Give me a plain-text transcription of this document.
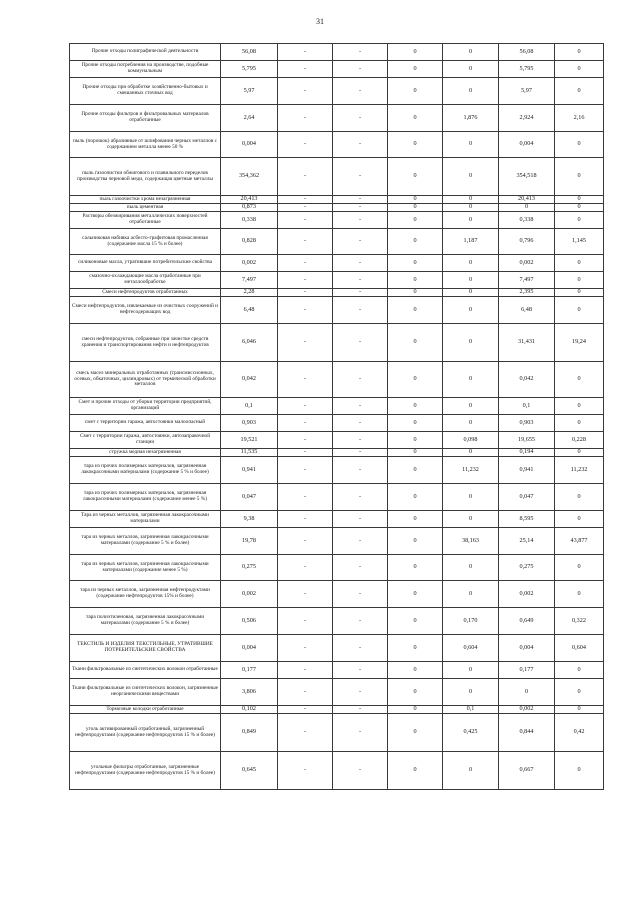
31
Прочие отходы полиграфической деятельности	56,08	-	-	0	0	56,08	0
Прочие отходы потребления на производстве, подобные коммунальным	5,795	-	-	0	0	5,795	0
Прочие отходы при обработке хозяйственно-бытовых и смешанных сточных вод	5,97	-	-	0	0	5,97	0
Прочие отходы фильтров и фильтровальных материалов отработанные	2,64	-	-	0	1,876	2,924	2,16
пыль (порошок) абразивные от шлифования черных металлов с содержанием металла менее 50 %	0,004	-	-	0	0	0,004	0
пыль газоочистки обжигового и плавильного переделов производства черновой меди, содержащая цветные металлы	354,362	-	-	0	0	354,518	0
пыль газоочистки хрома незагрязненная	20,413	-	-	0	0	20,413	0
пыль цементная	0,873	-	-	0	0	0	0
Растворы обезжиривания металлических поверхностей отработанные	0,338	-	-	0	0	0,338	0
сальниковая набивка асбесто-графитовая промасленная (содержание масла 15 % и более)	0,828	-	-	0	1,187	0,796	1,145
силиконовые масла, утратившие потребительские свойства	0,002	-	-	0	0	0,002	0
смазочно-охлаждающие масла отработанные при металлообработке	7,497	-	-	0	0	7,497	0
Смеси нефтепродуктов отработанных	2,28	-	-	0	0	2,395	0
Смеси нефтепродуктов, извлекаемые из очистных сооружений и нефтесодержащих вод	6,48	-	-	0	0	6,48	0
смеси нефтепродуктов, собранные при зачистке средств хранения и транспортирования нефти и нефтепродуктов	6,046	-	-	0	0	31,431	19,24
смесь масел минеральных отработанных (трансмиссионных, осевых, обкаточных, цилиндровых) от термической обработки металлов	0,042	-	-	0	0	0,042	0
Смет и прочие отходы от уборки территории предприятий, организаций	0,1	-	-	0	0	0,1	0
смет с территории гаража, автостоянки малоопасный	0,903	-	-	0	0	0,903	0
Смет с территории гаража, автостоянки, автозаправочной станции	19,521	-	-	0	0,098	19,655	0,228
стружка медная незагрязненная	11,535	-	-	0	0	0,194	0
тара из прочих полимерных материалов, загрязненная лакокрасочными материалами (содержание 5 % и более)	0,941	-	-	0	11,232	0,941	11,232
тара из прочих полимерных материалов, загрязненная лакокрасочными материалами (содержание менее 5 %)	0,047	-	-	0	0	0,047	0
Тара из черных металлов, загрязненная лакокрасочными материалами	9,38	-	-	0	0	8,595	0
тара из черных металлов, загрязненная лакокрасочными материалами (содержание 5 % и более)	19,78	-	-	0	38,163	25,14	43,877
тара из черных металлов, загрязненная лакокрасочными материалами (содержание менее 5 %)	0,275	-	-	0	0	0,275	0
тара из черных металлов, загрязненная нефтепродуктами (содержание нефтепродуктов 15% и более)	0,002	-	-	0	0	0,002	0
тара полиэтиленовая, загрязненная лакокрасочными материалами (содержание 5 % и более)	0,506	-	-	0	0,170	0,649	0,322
ТЕКСТИЛЬ И ИЗДЕЛИЯ ТЕКСТИЛЬНЫЕ, УТРАТИВШИЕ ПОТРЕБИТЕЛЬСКИЕ СВОЙСТВА	0,004	-	-	0	0,604	0,004	0,604
Ткани фильтровальные из синтетических волокон отработанные	0,177	-	-	0	0	0,177	0
Ткани фильтровальные из синтетических волокон, загрязненные неорганическими веществами	3,806	-	-	0	0	0	0
Тормозные колодки отработанные	0,102	-	-	0	0,1	0,002	0
уголь активированный отработанный, загрязненный нефтепродуктами (содержание нефтепродуктов 15 % и более)	0,849	-	-	0	0,425	0,844	0,42
угольные фильтры отработанные, загрязненные нефтепродуктами (содержание нефтепродуктов 15 % и более)	0,645	-	-	0	0	0,667	0
